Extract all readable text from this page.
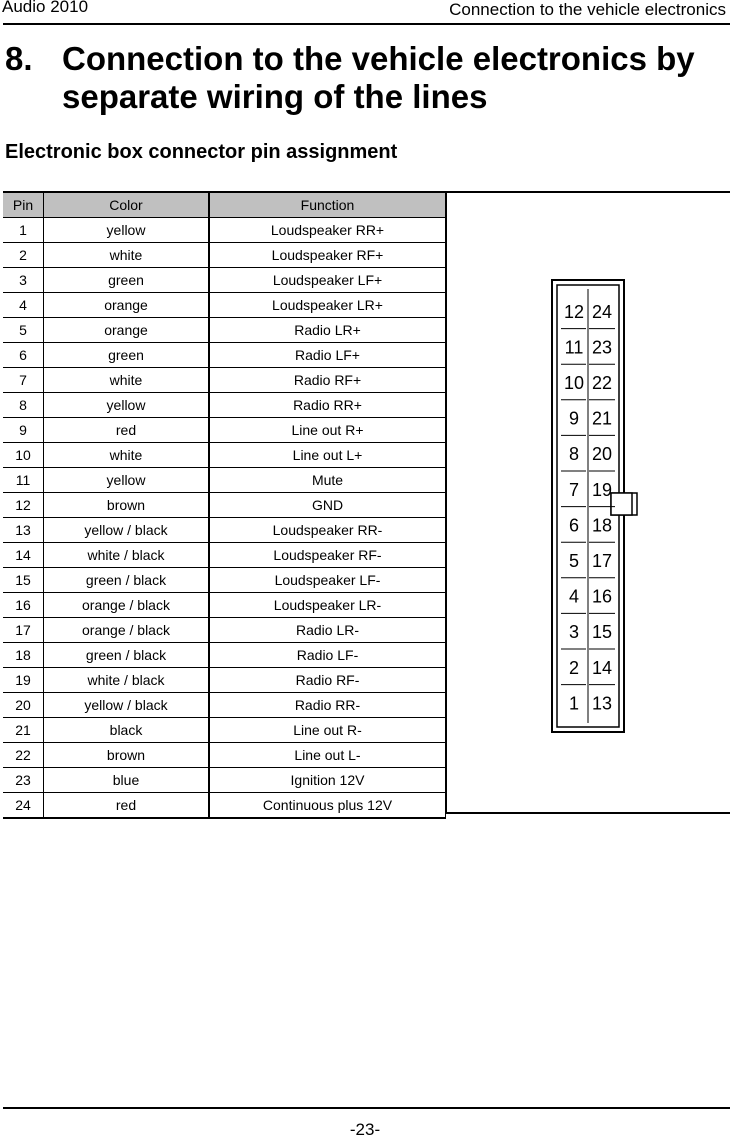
Audio 2010	Connection to the vehicle electronics
8. Connection to the vehicle electronics by separate wiring of the lines
Electronic box connector pin assignment
Pin	Color	Function
1	yellow	Loudspeaker RR+
2	white	Loudspeaker RF+
3	green	Loudspeaker LF+
4	orange	Loudspeaker LR+
5	orange	Radio LR+
6	green	Radio LF+
7	white	Radio RF+
8	yellow	Radio RR+
9	red	Line out R+
10	white	Line out L+
11	yellow	Mute
12	brown	GND
13	yellow / black	Loudspeaker RR-
14	white / black	Loudspeaker RF-
15	green / black	Loudspeaker LF-
16	orange / black	Loudspeaker LR-
17	orange / black	Radio LR-
18	green / black	Radio LF-
19	white / black	Radio RF-
20	yellow / black	Radio RR-
21	black	Line out R-
22	brown	Line out L-
23	blue	Ignition 12V
24	red	Continuous plus 12V
12 24
11 23
10 22
9 21
8 20
7 19
6 18
5 17
4 16
3 15
2 14
1 13
-23-
